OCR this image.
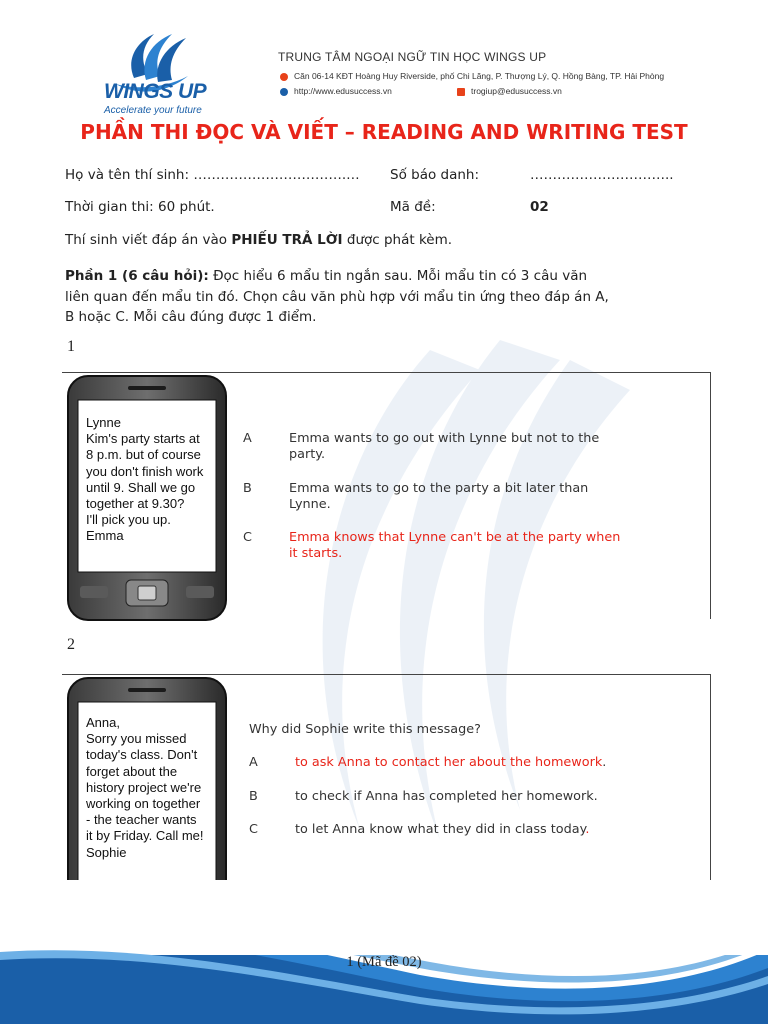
WINGS UP
Accelerate your future
TRUNG TÂM NGOẠI NGỮ TIN HỌC WINGS UP
Căn 06-14 KĐT Hoàng Huy Riverside, phố Chi Lăng, P. Thượng Lý, Q. Hồng Bàng, TP. Hải Phòng
http://www.edusuccess.vn	trogiup@edusuccess.vn
PHẦN THI ĐỌC VÀ VIẾT – READING AND WRITING TEST
Họ và tên thí sinh: …………………………….… Số báo danh:	…………………………..
Thời gian thi: 60 phút.	Mã đề:	02
Thí sinh viết đáp án vào PHIẾU TRẢ LỜI được phát kèm.
Phần 1 (6 câu hỏi): Đọc hiểu 6 mẩu tin ngắn sau. Mỗi mẩu tin có 3 câu văn
liên quan đến mẩu tin đó. Chọn câu văn phù hợp với mẩu tin ứng theo đáp án A,
B hoặc C. Mỗi câu đúng được 1 điểm.
1
Lynne
Kim's party starts at
8 p.m. but of course
you don't finish work
until 9. Shall we go
together at 9.30?
I'll pick you up.
Emma
A	Emma wants to go out with Lynne but not to the
party.
B	Emma wants to go to the party a bit later than
Lynne.
C	Emma knows that Lynne can't be at the party when
it starts.
2
Anna,
Sorry you missed
today's class. Don't
forget about the
history project we're
working on together
- the teacher wants
it by Friday. Call me!
Sophie
Why did Sophie write this message?
A	to ask Anna to contact her about the homework.
B	to check if Anna has completed her homework.
C	to let Anna know what they did in class today.
1 (Mã đề 02)
